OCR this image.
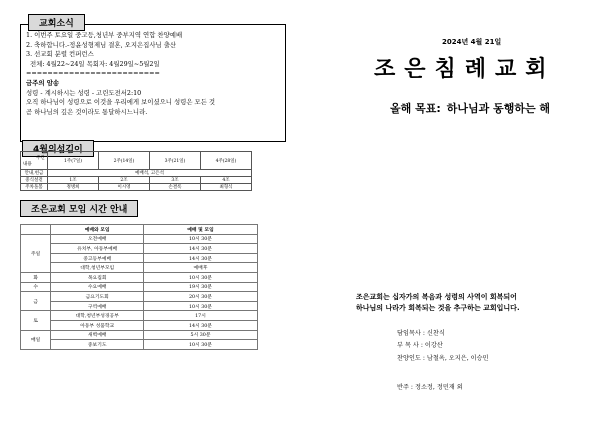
교회소식
1. 이번주 토요일 중고등,청년부 중부지역 연합 찬양예배
2. 축하합니다.-정윤성형제님 결혼, 오지은집사님 출산
3. 선교회 분렬 컨퍼런스
전체: 4월22~24일 목회자: 4월29일~5월2일
=========================
금주의 암송
성령 - 계시하시는 성령 - 고린도전서2:10
오직 하나님이 성령으로 이것을 우리에게 보이셨으니 성령은 모든 것
곧 하나님의 깊은 것이라도 통달하시느니라.
4월의섬김이
주간
내용	1주(7일)	2주(14일)	3주(21일)	4주(28일)
안내,헌금	예배석, 고은석			
중식설겉	1조	2조	3조	4조
주차돌봄	정병희	이시영	손결록	최형식
조은교회 모임 시간 안내
	예배와 모임	예배 및 모임
주일	오전예배	10시 30분
	유치부, 아동부예배	14시 30분
	중고등부예배	14시 30분
	대학,청년부모임	예배후
화	목요집회	10시 30분
수	수요예배	19시 30분
금	금요기도회	20시 30분
	구역예배	10시 30분
토	대학,청년부성경공부	17시
	아동부 성품학교	14시 30분
매일	새벽예배	5시 30분
	중보기도	10시 30분
2024년 4월 21일
조은침례교회
올해 목표: 하나님과 동행하는 해
조은교회는 십자가의 복음과 성령의 사역이 회복되어
하나님의 나라가 회복되는 것을 추구하는 교회입니다.
담임목사 : 신찬식
부 목 사 : 이강산
찬양인도 : 남철옥, 오지은, 이승민
반주 : 정소정, 정민재 외
